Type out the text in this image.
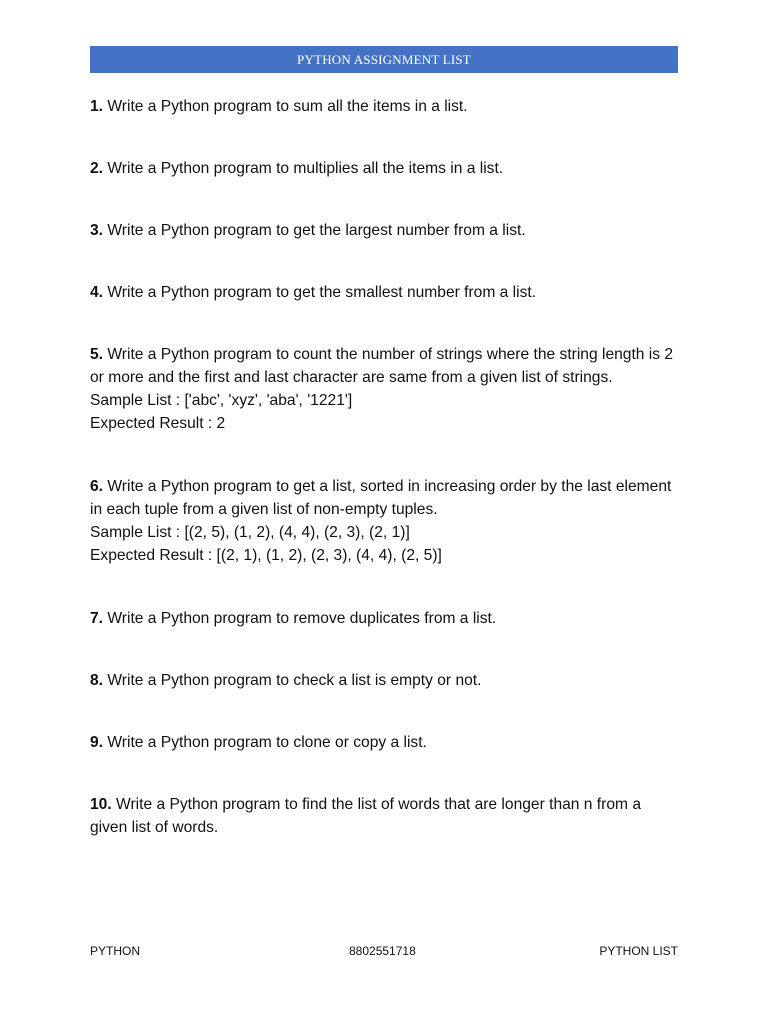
PYTHON ASSIGNMENT LIST
1. Write a Python program to sum all the items in a list.
2. Write a Python program to multiplies all the items in a list.
3. Write a Python program to get the largest number from a list.
4. Write a Python program to get the smallest number from a list.
5. Write a Python program to count the number of strings where the string length is 2 or more and the first and last character are same from a given list of strings.
Sample List : ['abc', 'xyz', 'aba', '1221']
Expected Result : 2
6. Write a Python program to get a list, sorted in increasing order by the last element in each tuple from a given list of non-empty tuples.
Sample List : [(2, 5), (1, 2), (4, 4), (2, 3), (2, 1)]
Expected Result : [(2, 1), (1, 2), (2, 3), (4, 4), (2, 5)]
7. Write a Python program to remove duplicates from a list.
8. Write a Python program to check a list is empty or not.
9. Write a Python program to clone or copy a list.
10. Write a Python program to find the list of words that are longer than n from a given list of words.
PYTHON	8802551718	PYTHON LIST
